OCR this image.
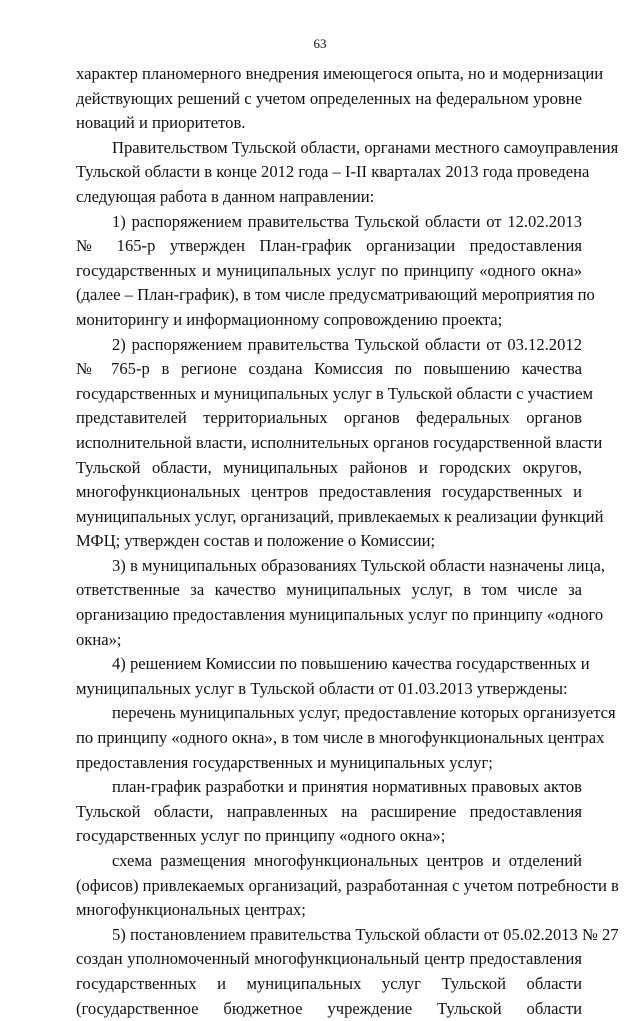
63

характер планомерного внедрения имеющегося опыта, но и модернизации
действующих решений с учетом определенных на федеральном уровне
новаций и приоритетов.

Правительством Тульской области, органами местного самоуправления
Тульской области в конце 2012 года – I-II кварталах 2013 года проведена
следующая работа в данном направлении:

1) распоряжением правительства Тульской области от 12.02.2013
№ 165-р утвержден План-график организации предоставления
государственных и муниципальных услуг по принципу «одного окна»
(далее – План-график), в том числе предусматривающий мероприятия по
мониторингу и информационному сопровождению проекта;

2) распоряжением правительства Тульской области от 03.12.2012
№ 765-р в регионе создана Комиссия по повышению качества
государственных и муниципальных услуг в Тульской области с участием
представителей территориальных органов федеральных органов
исполнительной власти, исполнительных органов государственной власти
Тульской области, муниципальных районов и городских округов,
многофункциональных центров предоставления государственных и
муниципальных услуг, организаций, привлекаемых к реализации функций
МФЦ; утвержден состав и положение о Комиссии;

3) в муниципальных образованиях Тульской области назначены лица,
ответственные за качество муниципальных услуг, в том числе за
организацию предоставления муниципальных услуг по принципу «одного
окна»;

4) решением Комиссии по повышению качества государственных и
муниципальных услуг в Тульской области от 01.03.2013 утверждены:

перечень муниципальных услуг, предоставление которых организуется
по принципу «одного окна», в том числе в многофункциональных центрах
предоставления государственных и муниципальных услуг;

план-график разработки и принятия нормативных правовых актов
Тульской области, направленных на расширение предоставления
государственных услуг по принципу «одного окна»;

схема размещения многофункциональных центров и отделений
(офисов) привлекаемых организаций, разработанная с учетом потребности в
многофункциональных центрах;

5) постановлением правительства Тульской области от 05.02.2013 № 27
создан уполномоченный многофункциональный центр предоставления
государственных и муниципальных услуг Тульской области
(государственное бюджетное учреждение Тульской области
